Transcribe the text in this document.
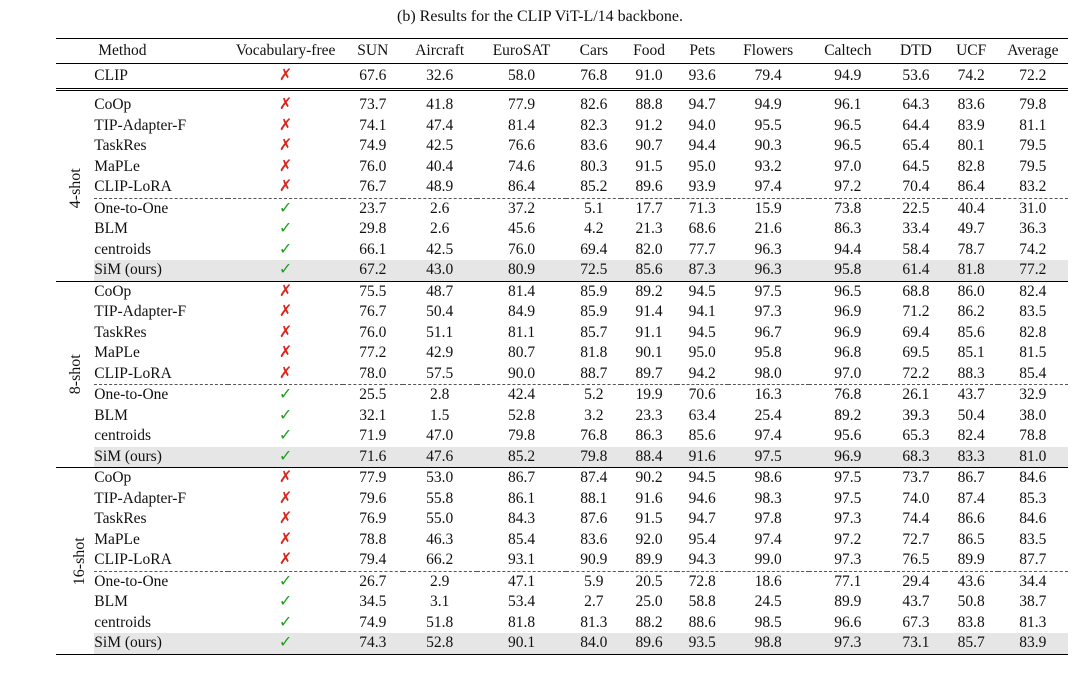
(b) Results for the CLIP ViT-L/14 backbone.
	Method	Vocabulary-free	SUN	Aircraft	EuroSAT	Cars	Food	Pets	Flowers	Caltech	DTD	UCF	Average
	CLIP	✗	67.6	32.6	58.0	76.8	91.0	93.6	79.4	94.9	53.6	74.2	72.2

4-shot	CoOp	✗	73.7	41.8	77.9	82.6	88.8	94.7	94.9	96.1	64.3	83.6	79.8
	TIP-Adapter-F	✗	74.1	47.4	81.4	82.3	91.2	94.0	95.5	96.5	64.4	83.9	81.1
	TaskRes	✗	74.9	42.5	76.6	83.6	90.7	94.4	90.3	96.5	65.4	80.1	79.5
	MaPLe	✗	76.0	40.4	74.6	80.3	91.5	95.0	93.2	97.0	64.5	82.8	79.5
	CLIP-LoRA	✗	76.7	48.9	86.4	85.2	89.6	93.9	97.4	97.2	70.4	86.4	83.2
	One-to-One	✓	23.7	2.6	37.2	5.1	17.7	71.3	15.9	73.8	22.5	40.4	31.0
	BLM	✓	29.8	2.6	45.6	4.2	21.3	68.6	21.6	86.3	33.4	49.7	36.3
	centroids	✓	66.1	42.5	76.0	69.4	82.0	77.7	96.3	94.4	58.4	78.7	74.2
	SiM (ours)	✓	67.2	43.0	80.9	72.5	85.6	87.3	96.3	95.8	61.4	81.8	77.2
8-shot	CoOp	✗	75.5	48.7	81.4	85.9	89.2	94.5	97.5	96.5	68.8	86.0	82.4
	TIP-Adapter-F	✗	76.7	50.4	84.9	85.9	91.4	94.1	97.3	96.9	71.2	86.2	83.5
	TaskRes	✗	76.0	51.1	81.1	85.7	91.1	94.5	96.7	96.9	69.4	85.6	82.8
	MaPLe	✗	77.2	42.9	80.7	81.8	90.1	95.0	95.8	96.8	69.5	85.1	81.5
	CLIP-LoRA	✗	78.0	57.5	90.0	88.7	89.7	94.2	98.0	97.0	72.2	88.3	85.4
	One-to-One	✓	25.5	2.8	42.4	5.2	19.9	70.6	16.3	76.8	26.1	43.7	32.9
	BLM	✓	32.1	1.5	52.8	3.2	23.3	63.4	25.4	89.2	39.3	50.4	38.0
	centroids	✓	71.9	47.0	79.8	76.8	86.3	85.6	97.4	95.6	65.3	82.4	78.8
	SiM (ours)	✓	71.6	47.6	85.2	79.8	88.4	91.6	97.5	96.9	68.3	83.3	81.0
16-shot	CoOp	✗	77.9	53.0	86.7	87.4	90.2	94.5	98.6	97.5	73.7	86.7	84.6
	TIP-Adapter-F	✗	79.6	55.8	86.1	88.1	91.6	94.6	98.3	97.5	74.0	87.4	85.3
	TaskRes	✗	76.9	55.0	84.3	87.6	91.5	94.7	97.8	97.3	74.4	86.6	84.6
	MaPLe	✗	78.8	46.3	85.4	83.6	92.0	95.4	97.4	97.2	72.7	86.5	83.5
	CLIP-LoRA	✗	79.4	66.2	93.1	90.9	89.9	94.3	99.0	97.3	76.5	89.9	87.7
	One-to-One	✓	26.7	2.9	47.1	5.9	20.5	72.8	18.6	77.1	29.4	43.6	34.4
	BLM	✓	34.5	3.1	53.4	2.7	25.0	58.8	24.5	89.9	43.7	50.8	38.7
	centroids	✓	74.9	51.8	81.8	81.3	88.2	88.6	98.5	96.6	67.3	83.8	81.3
	SiM (ours)	✓	74.3	52.8	90.1	84.0	89.6	93.5	98.8	97.3	73.1	85.7	83.9
